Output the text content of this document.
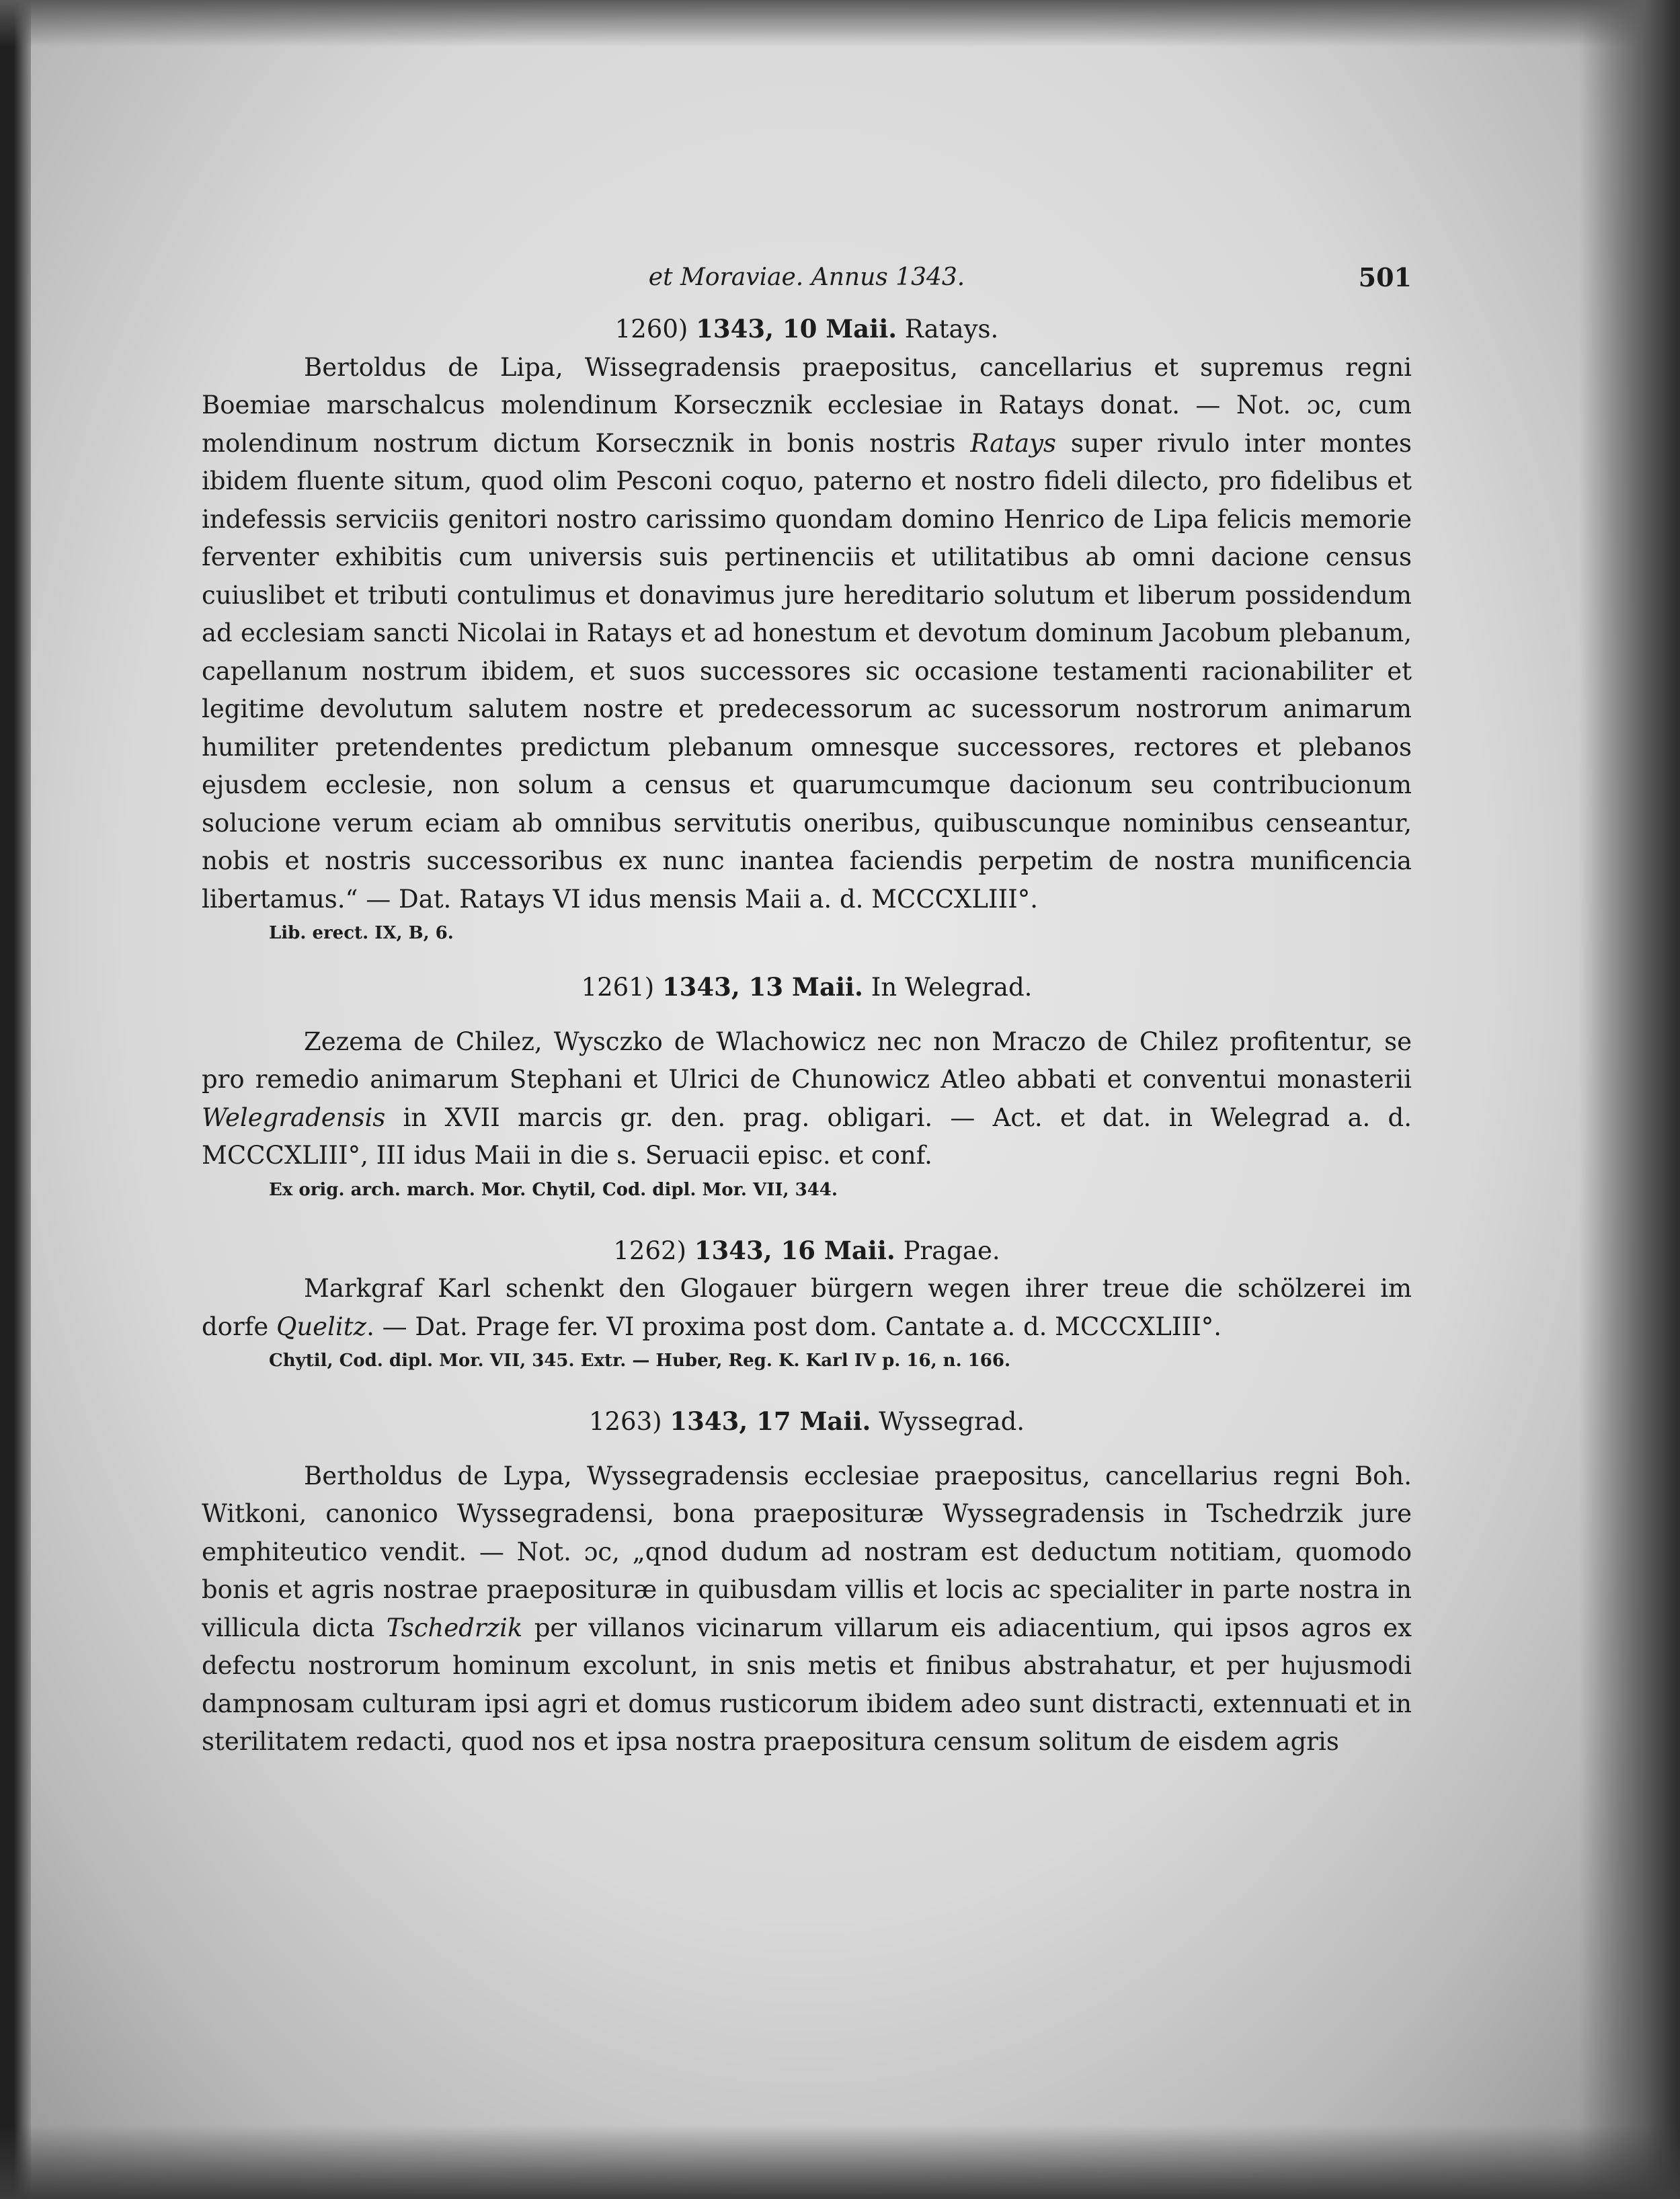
et Moraviae. Annus 1343.	501

1260) 1343, 10 Maii. Ratays.

Bertoldus de Lipa, Wissegradensis praepositus, cancellarius et supremus regni Boemiae marschalcus molendinum Korsecznik ecclesiae in Ratays donat. — Not. ɔc, cum molendinum nostrum dictum Korsecznik in bonis nostris Ratays super rivulo inter montes ibidem fluente situm, quod olim Pesconi coquo, paterno et nostro fideli dilecto, pro fidelibus et indefessis serviciis genitori nostro carissimo quondam domino Henrico de Lipa felicis memorie ferventer exhibitis cum universis suis pertinenciis et utilitatibus ab omni dacione census cuiuslibet et tributi contulimus et donavimus jure hereditario solutum et liberum possidendum ad ecclesiam sancti Nicolai in Ratays et ad honestum et devotum dominum Jacobum plebanum, capellanum nostrum ibidem, et suos successores sic occasione testamenti racionabiliter et legitime devolutum salutem nostre et predecessorum ac sucessorum nostrorum animarum humiliter pretendentes predictum plebanum omnesque successores, rectores et plebanos ejusdem ecclesie, non solum a census et quarumcumque dacionum seu contribucionum solucione verum eciam ab omnibus servitutis oneribus, quibuscunque nominibus censeantur, nobis et nostris successoribus ex nunc inantea faciendis perpetim de nostra munificencia libertamus.“ — Dat. Ratays VI idus mensis Maii a. d. MCCCXLIII°.

Lib. erect. IX, B, 6.

1261) 1343, 13 Maii. In Welegrad.

Zezema de Chilez, Wysczko de Wlachowicz nec non Mraczo de Chilez profitentur, se pro remedio animarum Stephani et Ulrici de Chunowicz Atleo abbati et conventui monasterii Welegradensis in XVII marcis gr. den. prag. obligari. — Act. et dat. in Welegrad a. d. MCCCXLIII°, III idus Maii in die s. Seruacii episc. et conf.

Ex orig. arch. march. Mor. Chytil, Cod. dipl. Mor. VII, 344.

1262) 1343, 16 Maii. Pragae.

Markgraf Karl schenkt den Glogauer bürgern wegen ihrer treue die schölzerei im dorfe Quelitz. — Dat. Prage fer. VI proxima post dom. Cantate a. d. MCCCXLIII°.

Chytil, Cod. dipl. Mor. VII, 345. Extr. — Huber, Reg. K. Karl IV p. 16, n. 166.

1263) 1343, 17 Maii. Wyssegrad.

Bertholdus de Lypa, Wyssegradensis ecclesiae praepositus, cancellarius regni Boh. Witkoni, canonico Wyssegradensi, bona praeposituræ Wyssegradensis in Tschedrzik jure emphiteutico vendit. — Not. ɔc, „qnod dudum ad nostram est deductum notitiam, quomodo bonis et agris nostrae praeposituræ in quibusdam villis et locis ac specialiter in parte nostra in villicula dicta Tschedrzik per villanos vicinarum villarum eis adiacentium, qui ipsos agros ex defectu nostrorum hominum excolunt, in snis metis et finibus abstrahatur, et per hujusmodi dampnosam culturam ipsi agri et domus rusticorum ibidem adeo sunt distracti, extennuati et in sterilitatem redacti, quod nos et ipsa nostra praepositura censum solitum de eisdem agris
